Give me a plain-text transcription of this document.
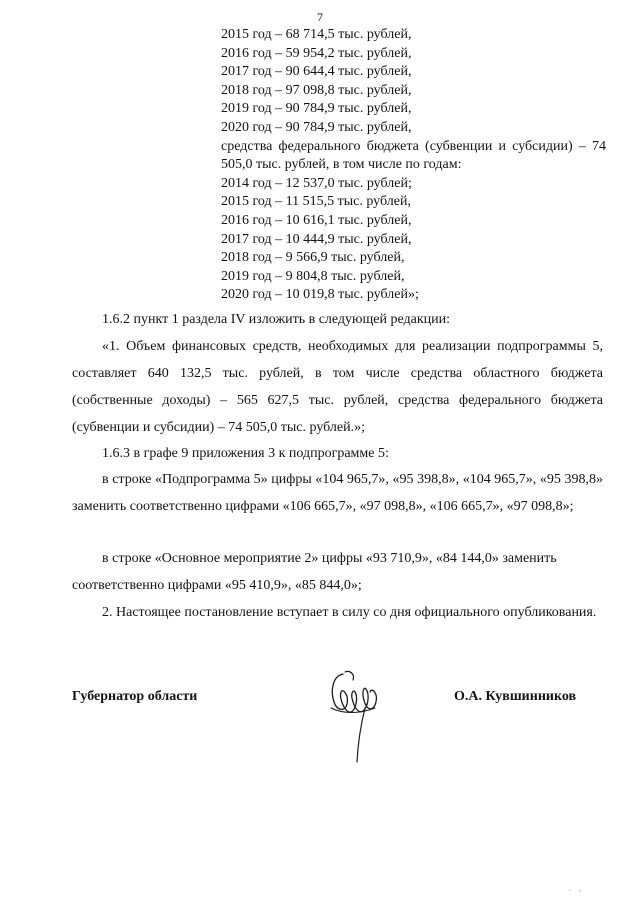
7
2015 год – 68 714,5 тыс. рублей,
2016 год – 59 954,2 тыс. рублей,
2017 год – 90 644,4 тыс. рублей,
2018 год – 97 098,8 тыс. рублей,
2019 год – 90 784,9 тыс. рублей,
2020 год – 90 784,9 тыс. рублей,
средства федерального бюджета (субвенции и субсидии) – 74 505,0 тыс. рублей, в том числе по годам:
2014 год – 12 537,0 тыс. рублей;
2015 год – 11 515,5 тыс. рублей,
2016 год – 10 616,1 тыс. рублей,
2017 год – 10 444,9 тыс. рублей,
2018 год – 9 566,9 тыс. рублей,
2019 год – 9 804,8 тыс. рублей,
2020 год – 10 019,8 тыс. рублей»;
1.6.2 пункт 1 раздела IV изложить в следующей редакции:
«1. Объем финансовых средств, необходимых для реализации подпрограммы 5, составляет 640 132,5 тыс. рублей, в том числе средства областного бюджета (собственные доходы) – 565 627,5 тыс. рублей, средства федерального бюджета (субвенции и субсидии) – 74 505,0 тыс. рублей.»;
1.6.3 в графе 9 приложения 3 к подпрограмме 5:
в строке «Подпрограмма 5» цифры «104 965,7», «95 398,8», «104 965,7», «95 398,8» заменить соответственно цифрами «106 665,7», «97 098,8», «106 665,7», «97 098,8»;
в строке «Основное мероприятие 2» цифры «93 710,9», «84 144,0» заменить
соответственно цифрами «95 410,9», «85 844,0»;
2. Настоящее постановление вступает в силу со дня официального опубликования.
Губернатор области	О.А. Кувшинников
. ,
